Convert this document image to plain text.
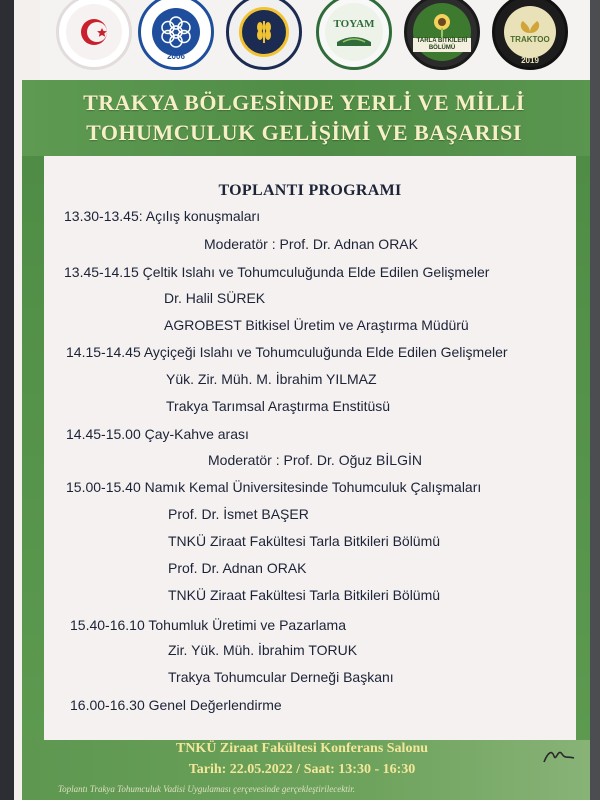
2006
TOYAM
TARLA BİTKİLERİ BÖLÜMÜ
TRAKTOO
2019
TRAKYA BÖLGESİNDE YERLİ VE MİLLİ
TOHUMCULUK GELİŞİMİ VE BAŞARISI
TOPLANTI PROGRAMI
13.30-13.45: Açılış konuşmaları
Moderatör : Prof. Dr. Adnan ORAK
13.45-14.15 Çeltik Islahı ve Tohumculuğunda Elde Edilen Gelişmeler
Dr. Halil SÜREK
AGROBEST Bitkisel Üretim ve Araştırma Müdürü
14.15-14.45 Ayçiçeği Islahı ve Tohumculuğunda Elde Edilen Gelişmeler
Yük. Zir. Müh. M. İbrahim YILMAZ
Trakya Tarımsal Araştırma Enstitüsü
14.45-15.00 Çay-Kahve arası
Moderatör : Prof. Dr. Oğuz BİLGİN
15.00-15.40 Namık Kemal Üniversitesinde Tohumculuk Çalışmaları
Prof. Dr. İsmet BAŞER
TNKÜ Ziraat Fakültesi Tarla Bitkileri Bölümü
Prof. Dr. Adnan ORAK
TNKÜ Ziraat Fakültesi Tarla Bitkileri Bölümü
15.40-16.10 Tohumluk Üretimi ve Pazarlama
Zir. Yük. Müh. İbrahim TORUK
Trakya Tohumcular Derneği Başkanı
16.00-16.30 Genel Değerlendirme
TNKÜ Ziraat Fakültesi Konferans Salonu
Tarih: 22.05.2022 / Saat: 13:30 - 16:30
Toplantı Trakya Tohumculuk Vadisi Uygulaması çerçevesinde gerçekleştirilecektir.
